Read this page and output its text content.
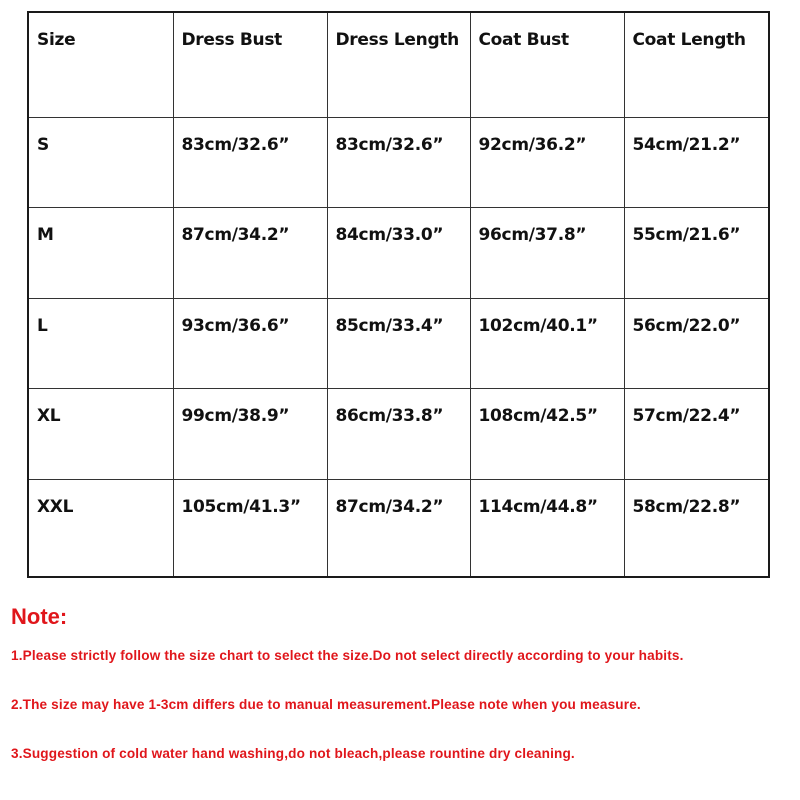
Size	Dress Bust	Dress Length	Coat Bust	Coat Length
S	83cm/32.6”	83cm/32.6”	92cm/36.2”	54cm/21.2”
M	87cm/34.2”	84cm/33.0”	96cm/37.8”	55cm/21.6”
L	93cm/36.6”	85cm/33.4”	102cm/40.1”	56cm/22.0”
XL	99cm/38.9”	86cm/33.8”	108cm/42.5”	57cm/22.4”
XXL	105cm/41.3”	87cm/34.2”	114cm/44.8”	58cm/22.8”
Note:
1.Please strictly follow the size chart to select the size.Do not select directly according to your habits.
2.The size may have 1-3cm differs due to manual measurement.Please note when you measure.
3.Suggestion of cold water hand washing,do not bleach,please rountine dry cleaning.
